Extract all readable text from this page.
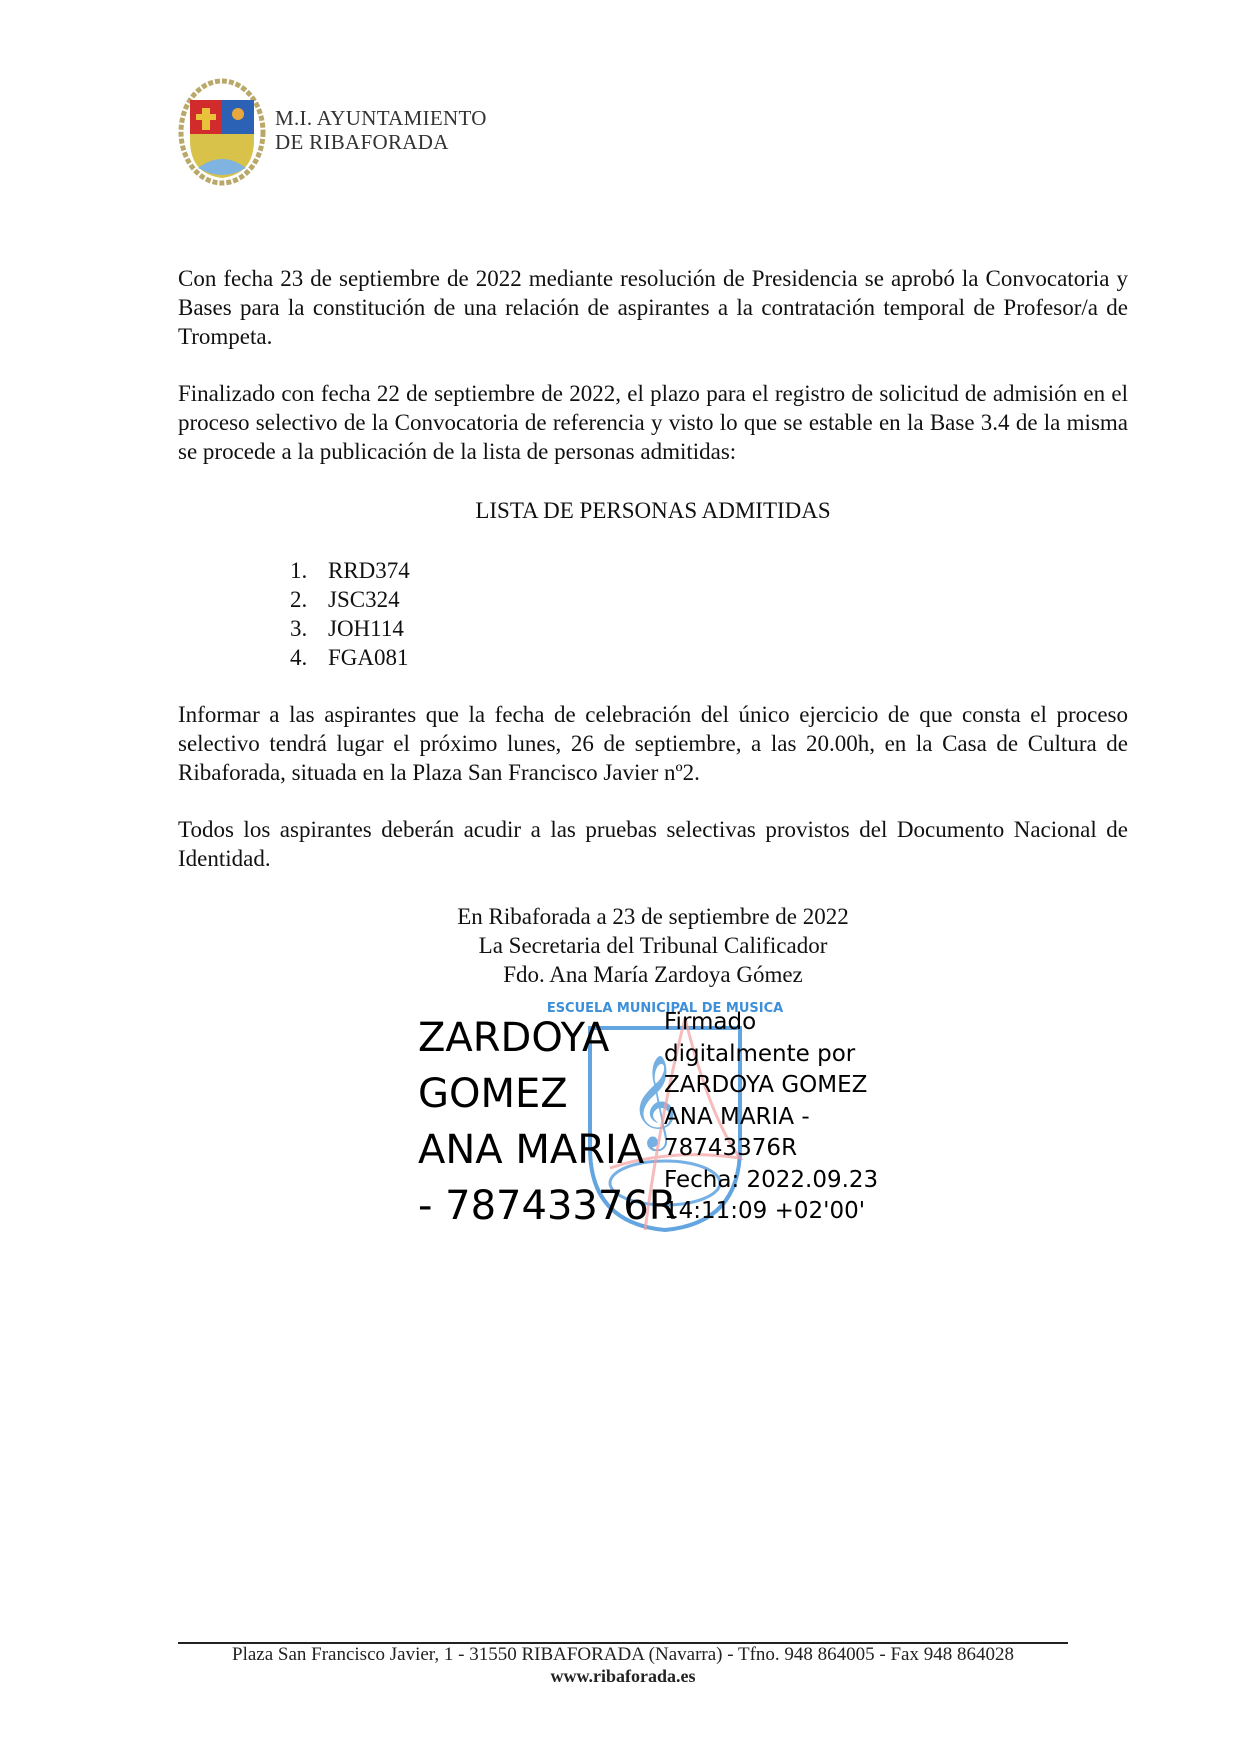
M.I. AYUNTAMIENTO
DE RIBAFORADA
Con fecha 23 de septiembre de 2022 mediante resolución de Presidencia se aprobó la Convocatoria y Bases para la constitución de una relación de aspirantes a la contratación temporal de Profesor/a de Trompeta.
Finalizado con fecha 22 de septiembre de 2022, el plazo para el registro de solicitud de admisión en el proceso selectivo de la Convocatoria de referencia y visto lo que se estable en la Base 3.4 de la misma se procede a la publicación de la lista de personas admitidas:
LISTA DE PERSONAS ADMITIDAS
1. RRD374
2. JSC324
3. JOH114
4. FGA081
Informar a las aspirantes que la fecha de celebración del único ejercicio de que consta el proceso selectivo tendrá lugar el próximo lunes, 26 de septiembre, a las 20.00h, en la Casa de Cultura de Ribaforada, situada en la Plaza San Francisco Javier nº2.
Todos los aspirantes deberán acudir a las pruebas selectivas provistos del Documento Nacional de Identidad.
En Ribaforada a 23 de septiembre de 2022
La Secretaria del Tribunal Calificador
Fdo. Ana María Zardoya Gómez
ESCUELA MUNICIPAL DE MUSICA
𝄞
ZARDOYA
GOMEZ
ANA MARIA
- 78743376R
Firmado
digitalmente por
ZARDOYA GOMEZ
ANA MARIA -
78743376R
Fecha: 2022.09.23
14:11:09 +02'00'
Plaza San Francisco Javier, 1 - 31550 RIBAFORADA (Navarra) - Tfno. 948 864005 - Fax 948 864028
www.ribaforada.es
